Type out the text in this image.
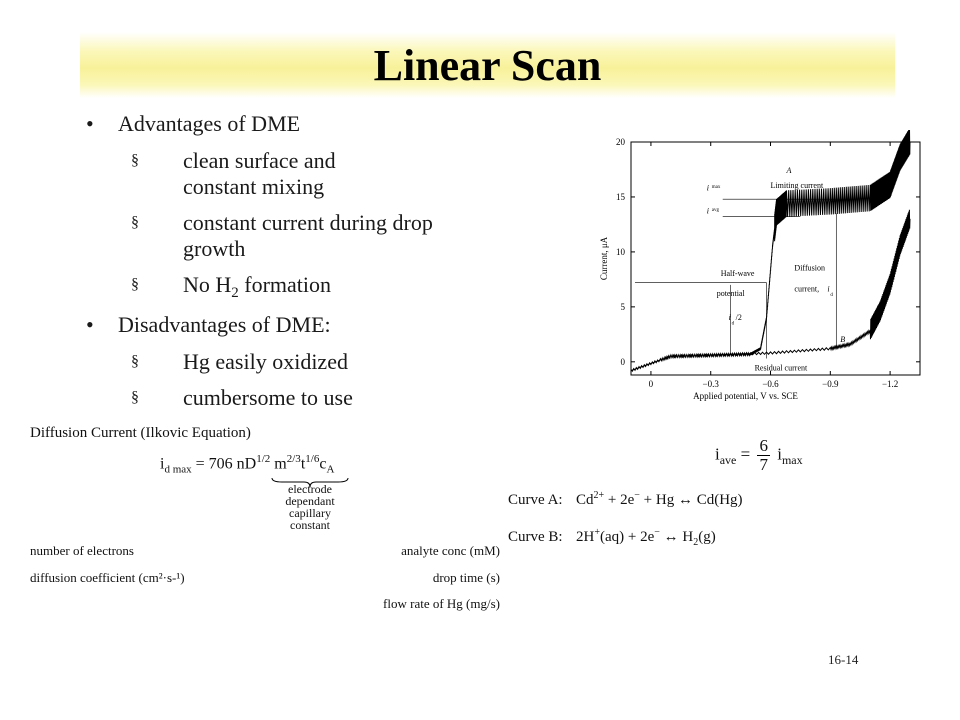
Linear Scan
• Advantages of DME
§ clean surface and constant mixing
§ constant current during drop growth
§ No $H_2$ formation
• Disadvantages of DME:
§ Hg easily oxidized
§ cumbersome to use
0	−0.3	−0.6	−0.9	−1.2
0
5
10
15
20
Applied potential, V vs. SCE
Current, μA
A
B
i max
i avg
Limiting current
Half-wave
potential
i
d
/2
Diffusion
current, i
d
Residual current
Diffusion Current (Ilkovic Equation)
$i_{d max} = 706$ $nD^{1/2}$ $m^{2/3}t^{1/6}c_A$
electrode
dependant
capillary
constant
number of electrons
diffusion coefficient (cm²·s-¹)
analyte conc (mM)
drop time (s)
flow rate of Hg (mg/s)
$i_{ave} = \frac{6}{7} i_{max}$
Curve A: $Cd^{2+} + 2e^- + Hg$ ↔ Cd(Hg)
Curve B: 2H+(aq) + 2e− ↔ $H_2(g)$
16-14
